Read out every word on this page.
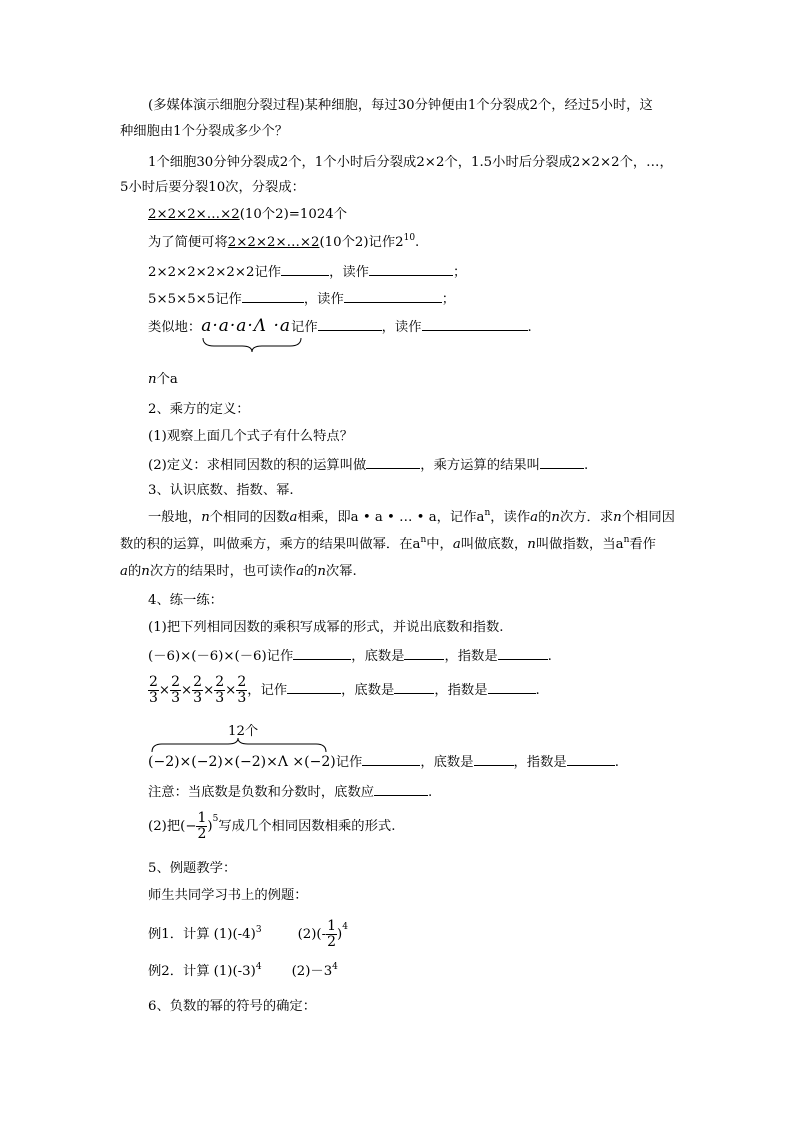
(多媒体演示细胞分裂过程)某种细胞，每过30分钟便由1个分裂成2个，经过5小时，这
种细胞由1个分裂成多少个？
1个细胞30分钟分裂成2个，1个小时后分裂成2×2个，1.5小时后分裂成2×2×2个，…，
5小时后要分裂10次，分裂成：
2×2×2×…×2(10个2)=1024个
为了简便可将2×2×2×…×2(10个2)记作$2^{10}$.
2×2×2×2×2×2记作	，读作	；
5×5×5×5记作	，读作	；
类似地：a·a·a·Λ ·a记作	，读作	.
n个a
2、乘方的定义：
(1)观察上面几个式子有什么特点？
(2)定义：求相同因数的积的运算叫做	，乘方运算的结果叫	.
3、认识底数、指数、幂.
一般地，n个相同的因数a相乘，即a • a • … • a，记作$a^n$，读作a的n次方．求n个相同因
数的积的运算，叫做乘方，乘方的结果叫做幂．在$a^n$中，a叫做底数，n叫做指数，当$a^n$看作
a的n次方的结果时，也可读作a的n次幂.
4、练一练：
(1)把下列相同因数的乘积写成幂的形式，并说出底数和指数.
(－6)×(－6)×(－6)记作	，底数是	，指数是	.
$\frac{2}{3} \times \frac{2}{3} \times \frac{2}{3} \times \frac{2}{3} \times \frac{2}{3}$ ，记作	，底数是	，指数是	.
12个
(−2)×(−2)×(−2)×Λ ×(−2)记作	，底数是	，指数是	.
注意：当底数是负数和分数时，底数应	.
(2)把(− $\frac{1}{2} )^5$写成几个相同因数相乘的形式.
5、例题教学：
师生共同学习书上的例题：
例1．计算 $(1)(-4)^3$	$(2)(- \frac{1}{2} )^4$
例2．计算 $(1)(-3)^4$ $(2)-3^4$
6、负数的幂的符号的确定：
